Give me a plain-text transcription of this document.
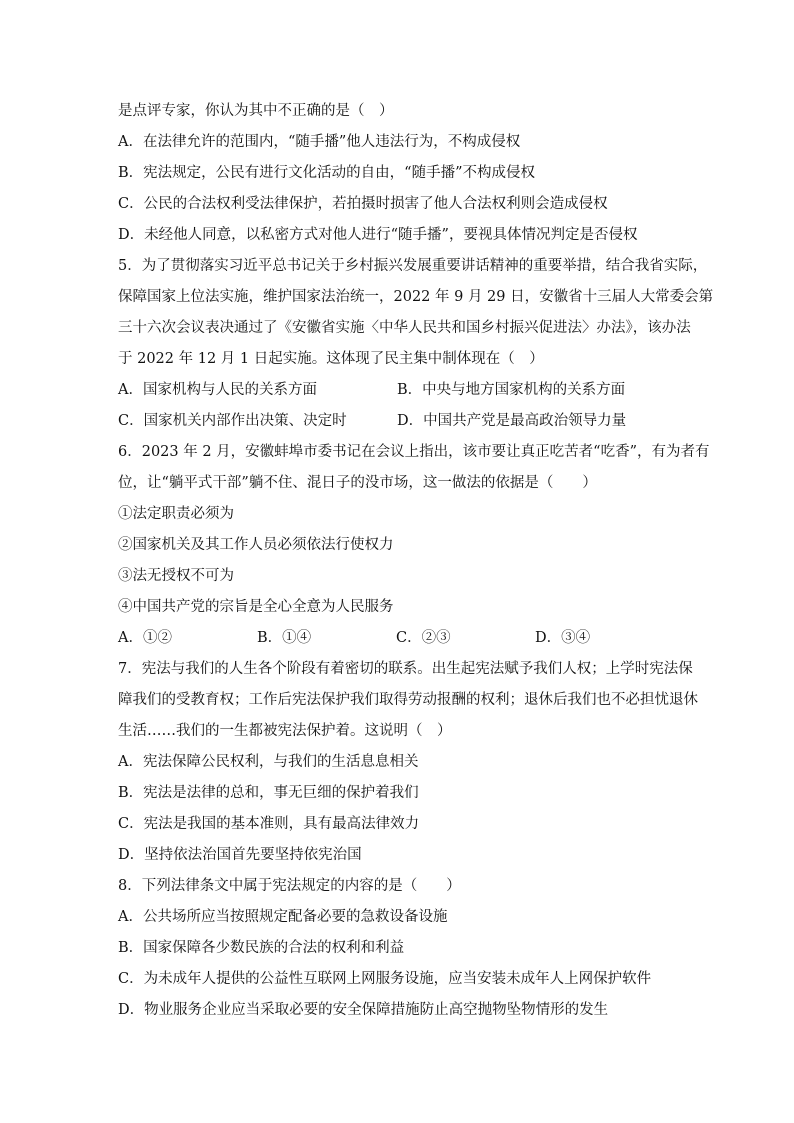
是点评专家，你认为其中不正确的是（　）
A．在法律允许的范围内，“随手播”他人违法行为，不构成侵权
B．宪法规定，公民有进行文化活动的自由，“随手播”不构成侵权
C．公民的合法权利受法律保护，若拍摄时损害了他人合法权利则会造成侵权
D．未经他人同意，以私密方式对他人进行“随手播”，要视具体情况判定是否侵权
5．为了贯彻落实习近平总书记关于乡村振兴发展重要讲话精神的重要举措，结合我省实际，
保障国家上位法实施，维护国家法治统一，2022 年 9 月 29 日，安徽省十三届人大常委会第
三十六次会议表决通过了《安徽省实施〈中华人民共和国乡村振兴促进法〉办法》，该办法
于 2022 年 12 月 1 日起实施。这体现了民主集中制体现在（　）
A．国家机构与人民的关系方面	B．中央与地方国家机构的关系方面
C．国家机关内部作出决策、决定时	D．中国共产党是最高政治领导力量
6．2023 年 2 月，安徽蚌埠市委书记在会议上指出，该市要让真正吃苦者“吃香”，有为者有
位，让“躺平式干部”躺不住、混日子的没市场，这一做法的依据是（　　）
①法定职责必须为
②国家机关及其工作人员必须依法行使权力
③法无授权不可为
④中国共产党的宗旨是全心全意为人民服务
A．①②	B．①④	C．②③	D．③④
7．宪法与我们的人生各个阶段有着密切的联系。出生起宪法赋予我们人权；上学时宪法保
障我们的受教育权；工作后宪法保护我们取得劳动报酬的权利；退休后我们也不必担忧退休
生活……我们的一生都被宪法保护着。这说明（　）
A．宪法保障公民权利，与我们的生活息息相关
B．宪法是法律的总和，事无巨细的保护着我们
C．宪法是我国的基本准则，具有最高法律效力
D．坚持依法治国首先要坚持依宪治国
8．下列法律条文中属于宪法规定的内容的是（　　）
A．公共场所应当按照规定配备必要的急救设备设施
B．国家保障各少数民族的合法的权利和利益
C．为未成年人提供的公益性互联网上网服务设施，应当安装未成年人上网保护软件
D．物业服务企业应当采取必要的安全保障措施防止高空抛物坠物情形的发生
